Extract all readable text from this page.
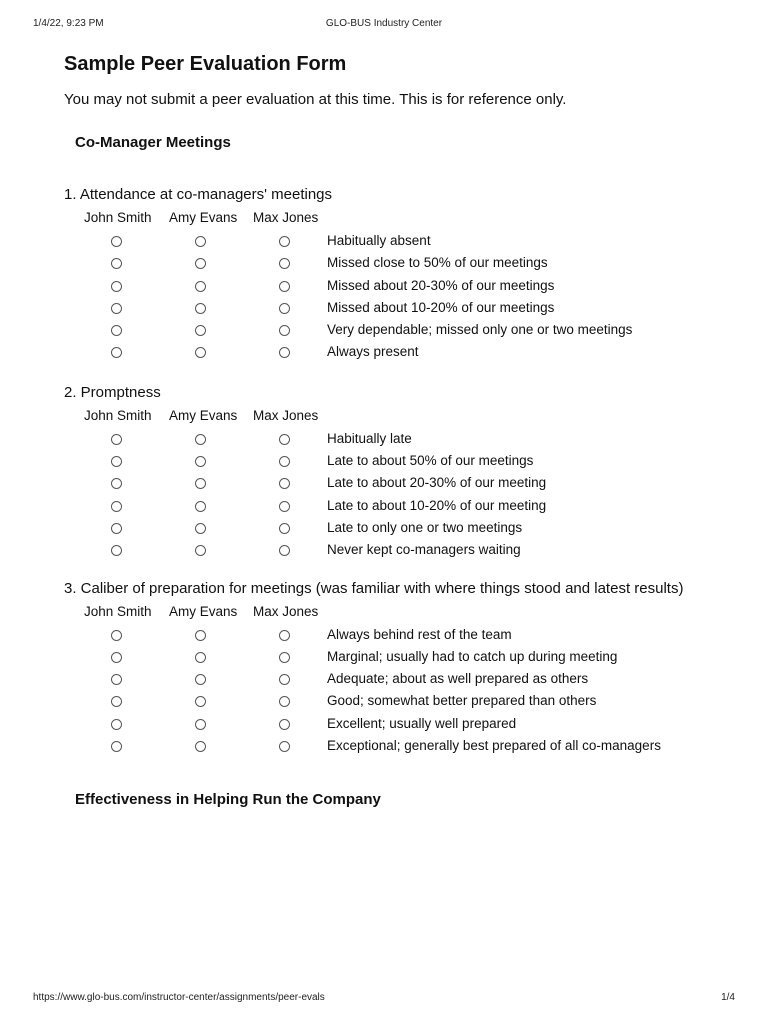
1/4/22, 9:23 PM	GLO-BUS Industry Center
Sample Peer Evaluation Form
You may not submit a peer evaluation at this time. This is for reference only.
Co-Manager Meetings
1. Attendance at co-managers' meetings
John Smith Amy Evans Max Jones
Habitually absent
Missed close to 50% of our meetings
Missed about 20-30% of our meetings
Missed about 10-20% of our meetings
Very dependable; missed only one or two meetings
Always present
2. Promptness
John Smith Amy Evans Max Jones
Habitually late
Late to about 50% of our meetings
Late to about 20-30% of our meeting
Late to about 10-20% of our meeting
Late to only one or two meetings
Never kept co-managers waiting
3. Caliber of preparation for meetings (was familiar with where things stood and latest results)
John Smith Amy Evans Max Jones
Always behind rest of the team
Marginal; usually had to catch up during meeting
Adequate; about as well prepared as others
Good; somewhat better prepared than others
Excellent; usually well prepared
Exceptional; generally best prepared of all co-managers
Effectiveness in Helping Run the Company
https://www.glo-bus.com/instructor-center/assignments/peer-evals	1/4
